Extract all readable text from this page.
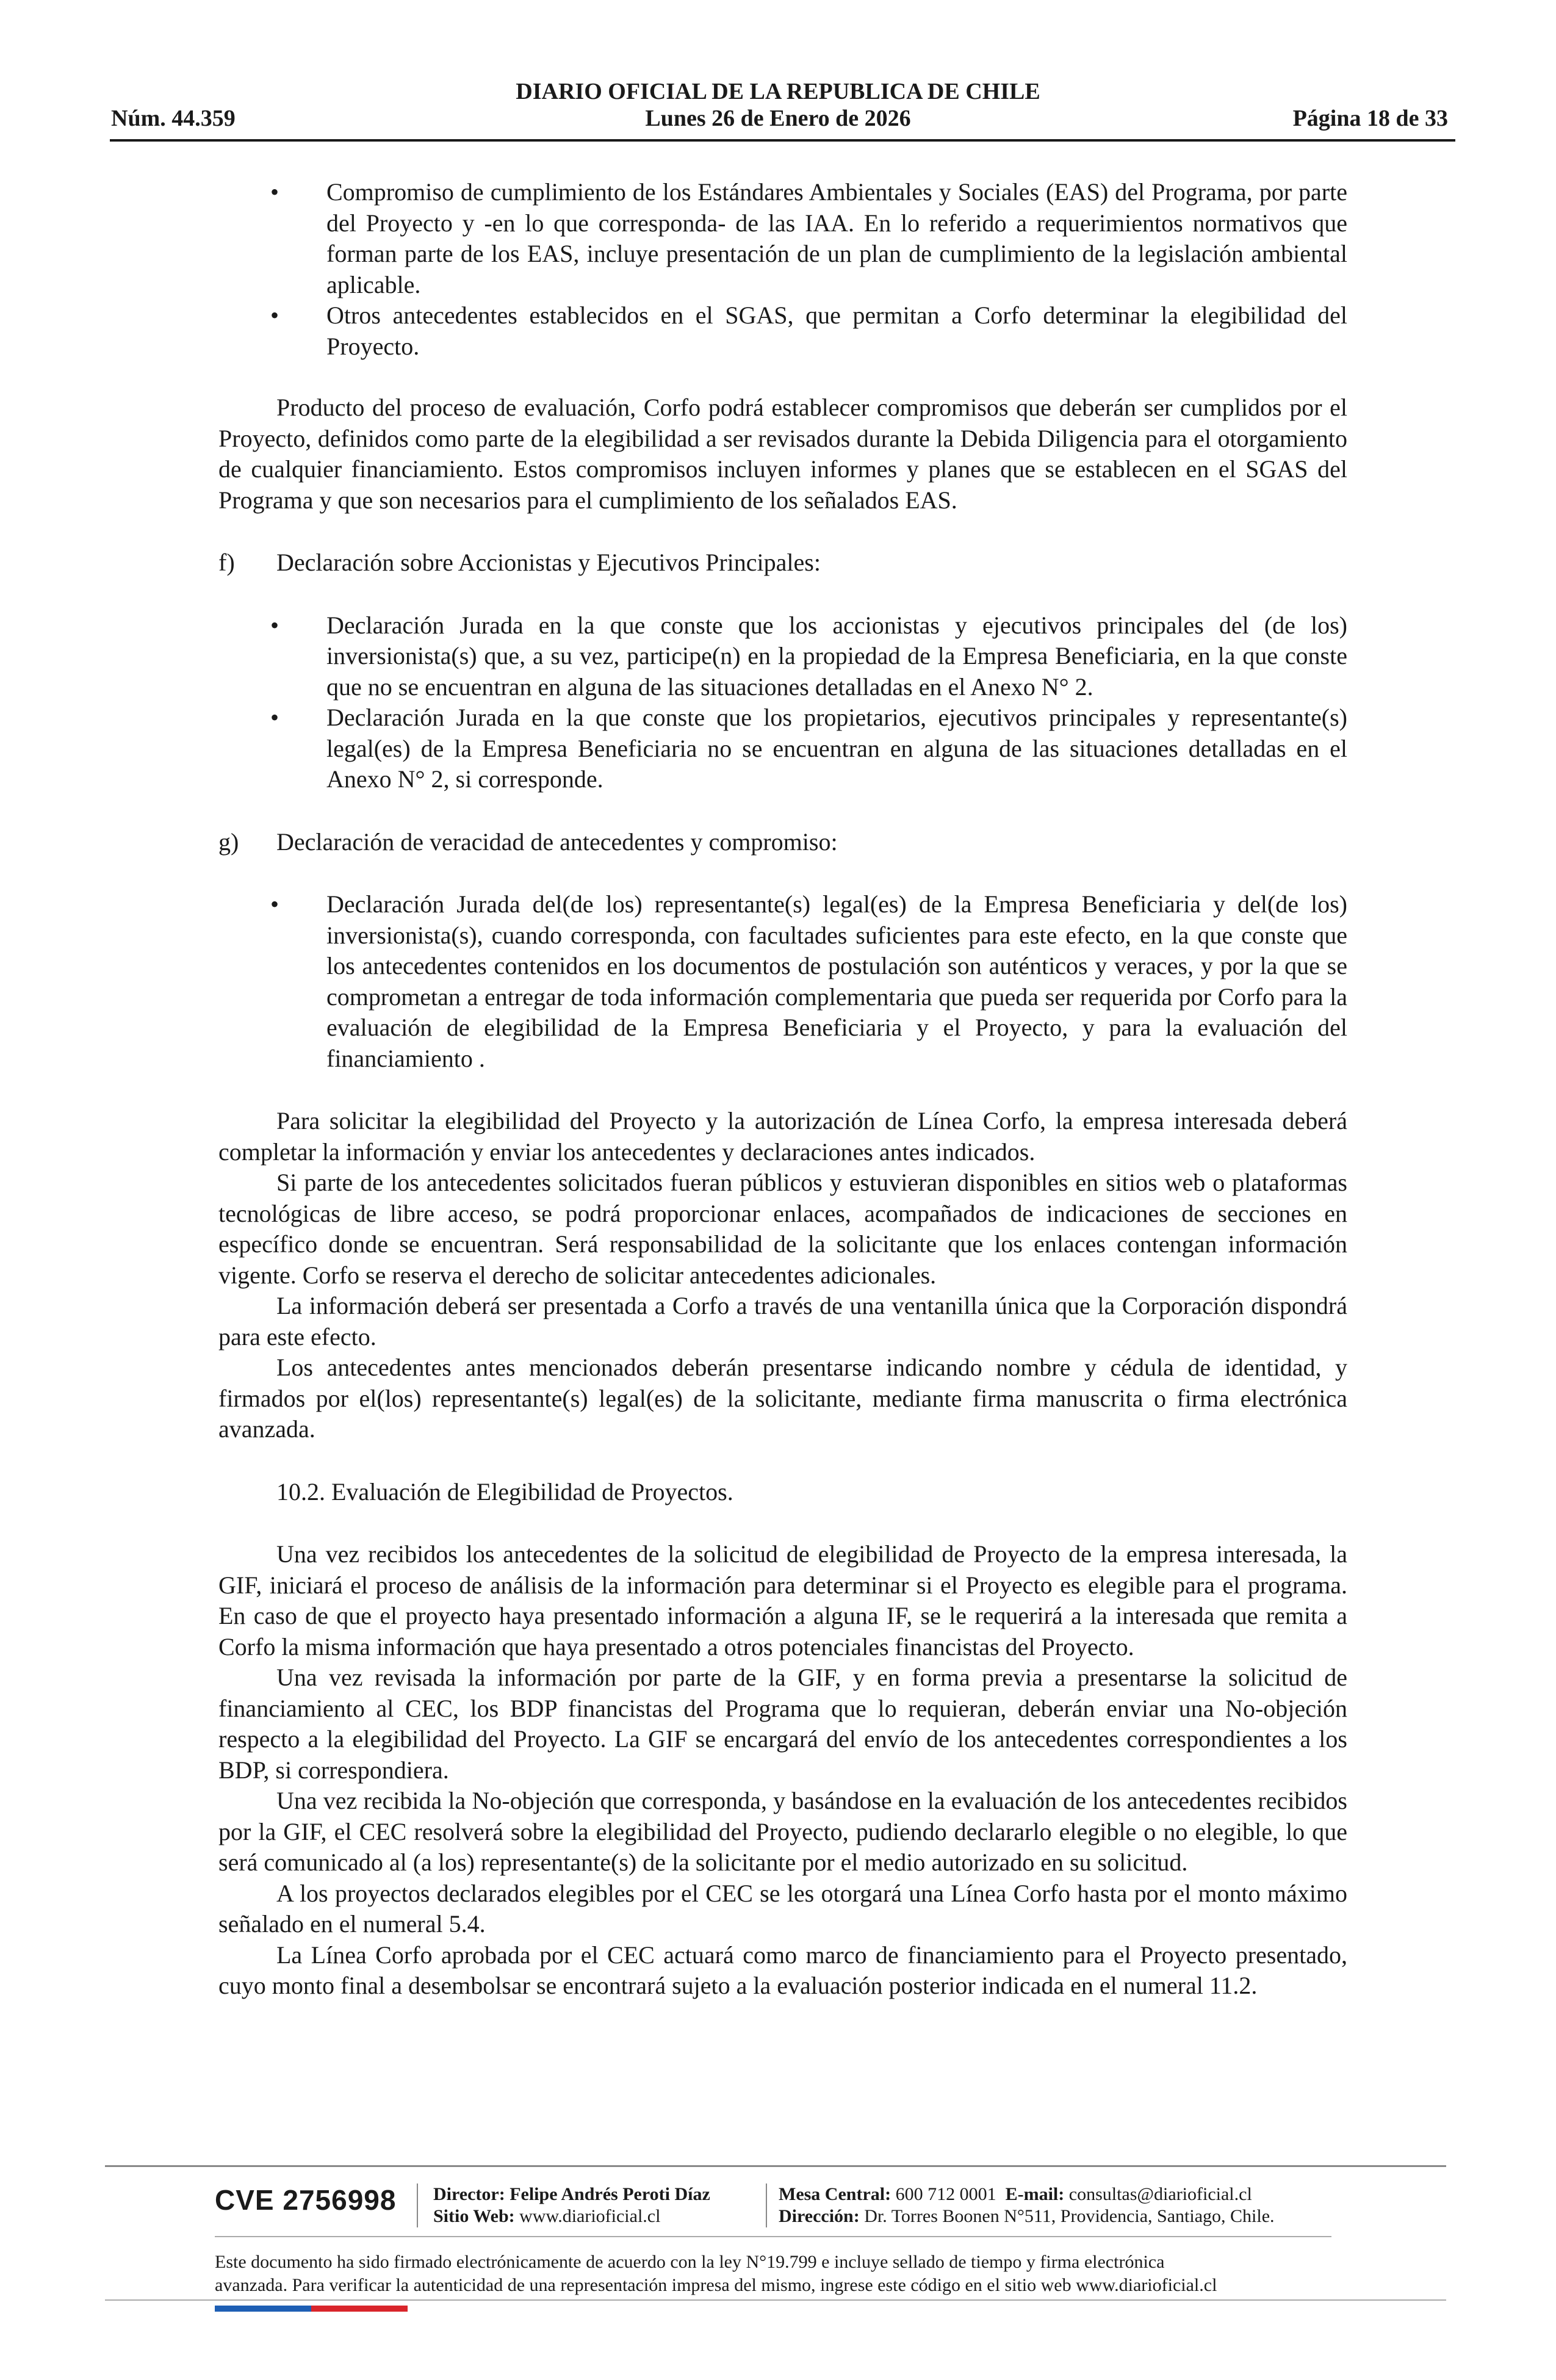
DIARIO OFICIAL DE LA REPUBLICA DE CHILE
Núm. 44.359	Lunes 26 de Enero de 2026	Página 18 de 33
• Compromiso de cumplimiento de los Estándares Ambientales y Sociales (EAS) del Programa, por parte del Proyecto y -en lo que corresponda- de las IAA. En lo referido a requerimientos normativos que forman parte de los EAS, incluye presentación de un plan de cumplimiento de la legislación ambiental aplicable.
• Otros antecedentes establecidos en el SGAS, que permitan a Corfo determinar la elegibilidad del Proyecto.

Producto del proceso de evaluación, Corfo podrá establecer compromisos que deberán ser cumplidos por el Proyecto, definidos como parte de la elegibilidad a ser revisados durante la Debida Diligencia para el otorgamiento de cualquier financiamiento. Estos compromisos incluyen informes y planes que se establecen en el SGAS del Programa y que son necesarios para el cumplimiento de los señalados EAS.

f) Declaración sobre Accionistas y Ejecutivos Principales:
• Declaración Jurada en la que conste que los accionistas y ejecutivos principales del (de los) inversionista(s) que, a su vez, participe(n) en la propiedad de la Empresa Beneficiaria, en la que conste que no se encuentran en alguna de las situaciones detalladas en el Anexo N° 2.
• Declaración Jurada en la que conste que los propietarios, ejecutivos principales y representante(s) legal(es) de la Empresa Beneficiaria no se encuentran en alguna de las situaciones detalladas en el Anexo N° 2, si corresponde.
g) Declaración de veracidad de antecedentes y compromiso:
• Declaración Jurada del(de los) representante(s) legal(es) de la Empresa Beneficiaria y del(de los) inversionista(s), cuando corresponda, con facultades suficientes para este efecto, en la que conste que los antecedentes contenidos en los documentos de postulación son auténticos y veraces, y por la que se comprometan a entregar de toda información complementaria que pueda ser requerida por Corfo para la evaluación de elegibilidad de la Empresa Beneficiaria y el Proyecto, y para la evaluación del financiamiento .

Para solicitar la elegibilidad del Proyecto y la autorización de Línea Corfo, la empresa interesada deberá completar la información y enviar los antecedentes y declaraciones antes indicados.

Si parte de los antecedentes solicitados fueran públicos y estuvieran disponibles en sitios web o plataformas tecnológicas de libre acceso, se podrá proporcionar enlaces, acompañados de indicaciones de secciones en específico donde se encuentran. Será responsabilidad de la solicitante que los enlaces contengan información vigente. Corfo se reserva el derecho de solicitar antecedentes adicionales.

La información deberá ser presentada a Corfo a través de una ventanilla única que la Corporación dispondrá para este efecto.

Los antecedentes antes mencionados deberán presentarse indicando nombre y cédula de identidad, y firmados por el(los) representante(s) legal(es) de la solicitante, mediante firma manuscrita o firma electrónica avanzada.

10.2. Evaluación de Elegibilidad de Proyectos.

Una vez recibidos los antecedentes de la solicitud de elegibilidad de Proyecto de la empresa interesada, la GIF, iniciará el proceso de análisis de la información para determinar si el Proyecto es elegible para el programa. En caso de que el proyecto haya presentado información a alguna IF, se le requerirá a la interesada que remita a Corfo la misma información que haya presentado a otros potenciales financistas del Proyecto.

Una vez revisada la información por parte de la GIF, y en forma previa a presentarse la solicitud de financiamiento al CEC, los BDP financistas del Programa que lo requieran, deberán enviar una No-objeción respecto a la elegibilidad del Proyecto. La GIF se encargará del envío de los antecedentes correspondientes a los BDP, si correspondiera.

Una vez recibida la No-objeción que corresponda, y basándose en la evaluación de los antecedentes recibidos por la GIF, el CEC resolverá sobre la elegibilidad del Proyecto, pudiendo declararlo elegible o no elegible, lo que será comunicado al (a los) representante(s) de la solicitante por el medio autorizado en su solicitud.

A los proyectos declarados elegibles por el CEC se les otorgará una Línea Corfo hasta por el monto máximo señalado en el numeral 5.4.

La Línea Corfo aprobada por el CEC actuará como marco de financiamiento para el Proyecto presentado, cuyo monto final a desembolsar se encontrará sujeto a la evaluación posterior indicada en el numeral 11.2.

CVE 2756998 Director: Felipe Andrés Peroti Díaz
Sitio Web: www.diarioficial.cl
Mesa Central: 600 712 0001 E-mail: consultas@diarioficial.cl
Dirección: Dr. Torres Boonen N°511, Providencia, Santiago, Chile.
Este documento ha sido firmado electrónicamente de acuerdo con la ley N°19.799 e incluye sellado de tiempo y firma electrónica
avanzada. Para verificar la autenticidad de una representación impresa del mismo, ingrese este código en el sitio web www.diarioficial.cl
